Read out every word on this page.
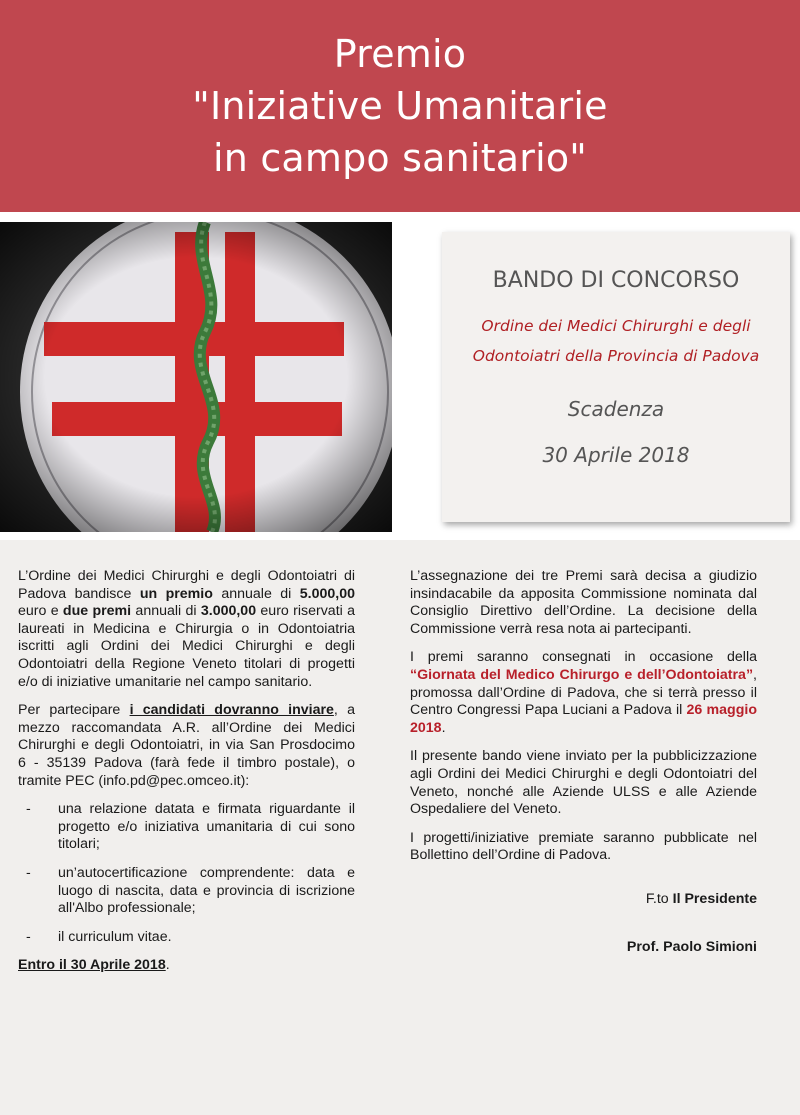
Premio
"Iniziative Umanitarie
in campo sanitario"
BANDO DI CONCORSO
Ordine dei Medici Chirurghi e degli
Odontoiatri della Provincia di Padova
Scadenza
30 Aprile 2018

L’Ordine dei Medici Chirurghi e degli Odontoiatri di Padova bandisce un premio annuale di 5.000,00 euro e due premi annuali di 3.000,00 euro riservati a laureati in Medicina e Chirurgia o in Odontoiatria iscritti agli Ordini dei Medici Chirurghi e degli Odontoiatri della Regione Veneto titolari di progetti e/o di iniziative umanitarie nel campo sanitario.

Per partecipare i candidati dovranno inviare, a mezzo raccomandata A.R. all’Ordine dei Medici Chirurghi e degli Odontoiatri, in via San Prosdocimo 6 - 35139 Padova (farà fede il timbro postale), o tramite PEC (info.pd@pec.omceo.it):

-	una relazione datata e firmata riguardante il progetto e/o iniziativa umanitaria di cui sono titolari;
-	un’autocertificazione comprendente: data e luogo di nascita, data e provincia di iscrizione all'Albo professionale;
-	il curriculum vitae.
Entro il 30 Aprile 2018.

L’assegnazione dei tre Premi sarà decisa a giudizio insindacabile da apposita Commissione nominata dal Consiglio Direttivo dell’Ordine. La decisione della Commissione verrà resa nota ai partecipanti.

I premi saranno consegnati in occasione della “Giornata del Medico Chirurgo e dell’Odontoiatra”, promossa dall’Ordine di Padova, che si terrà presso il Centro Congressi Papa Luciani a Padova il 26 maggio 2018.

Il presente bando viene inviato per la pubblicizzazione agli Ordini dei Medici Chirurghi e degli Odontoiatri del Veneto, nonché alle Aziende ULSS e alle Aziende Ospedaliere del Veneto.

I progetti/iniziative premiate saranno pubblicate nel Bollettino dell’Ordine di Padova.

F.to Il Presidente
Prof. Paolo Simioni
